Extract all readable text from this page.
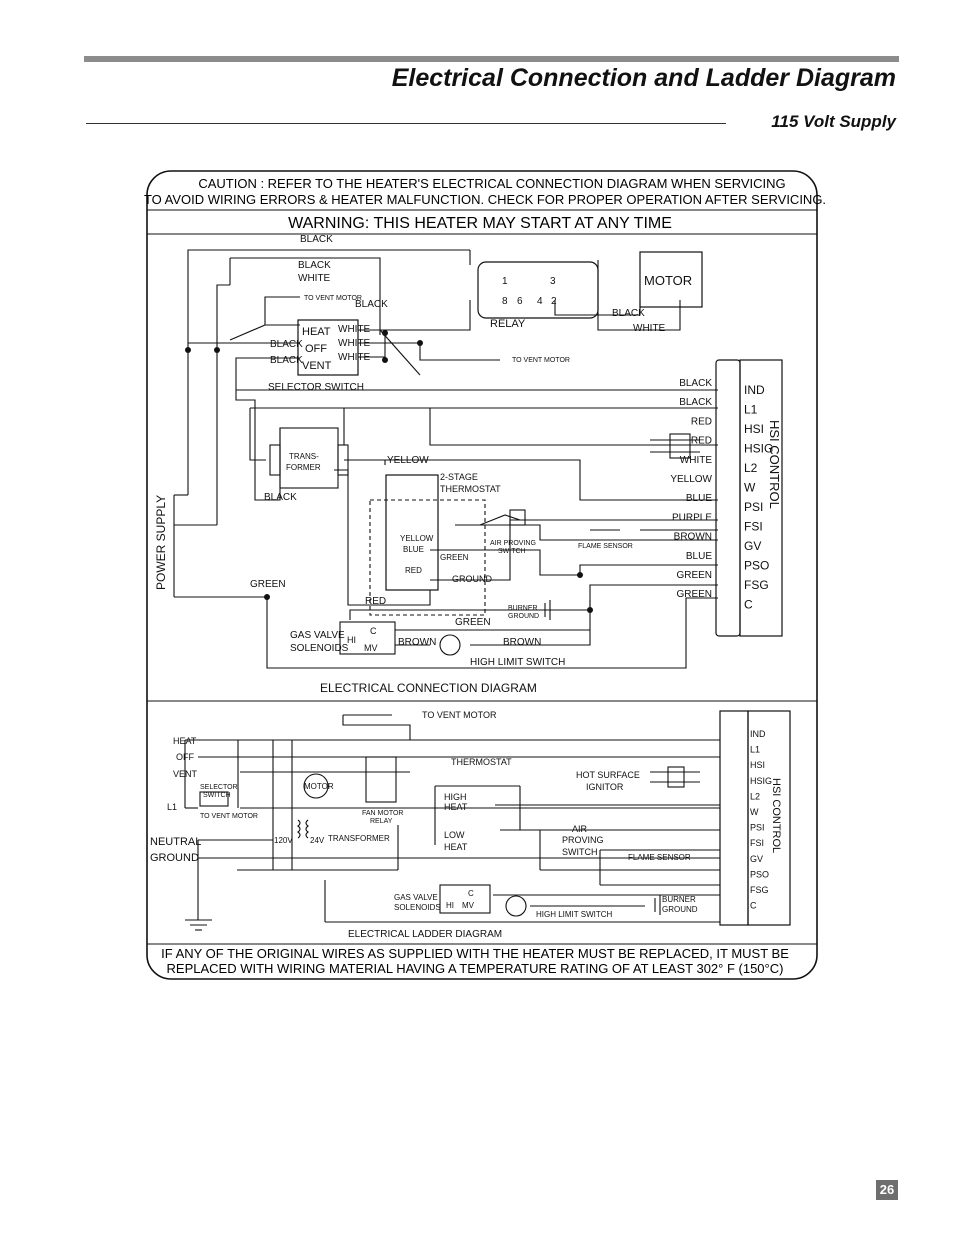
Electrical Connection and Ladder Diagram
115 Volt Supply
CAUTION : REFER TO THE HEATER'S ELECTRICAL CONNECTION DIAGRAM WHEN SERVICING
TO AVOID WIRING ERRORS & HEATER MALFUNCTION. CHECK FOR PROPER OPERATION AFTER SERVICING.
WARNING: THIS HEATER MAY START AT ANY TIME
POWER SUPPLY
BLACK
BLACK
WHITE
BLACK
BLACK
BLACK
WHITE
WHITE
WHITE
HEAT
OFF
VENT
SELECTOR SWITCH
TO VENT MOTOR
TO VENT MOTOR
RELAY
1	3
8 6 4 2
MOTOR
BLACK
WHITE
TRANS-
FORMER
BLACK
YELLOW
2-STAGE
THERMOSTAT
YELLOW
BLUE
RED
GREEN
GROUND
AIR PROVING
SWITCH
FLAME SENSOR
BURNER
GROUND
RED
GREEN
BROWN	BROWN
GAS VALVE
SOLENOIDS
HI
C
MV
HIGH LIMIT SWITCH
GREEN
ELECTRICAL CONNECTION DIAGRAM
HSI CONTROL
IND
L1
HSI
HSIG
L2
W
PSI
FSI
GV
PSO
FSG
C
BLACK
BLACK
RED
RED
WHITE
YELLOW
BLUE
PURPLE
BROWN
BLUE
GREEN
GREEN
TO VENT MOTOR
HEAT
OFF
VENT
SELECTOR
SWITCH
L1
TO VENT MOTOR
MOTOR
FAN MOTOR
RELAY
NEUTRAL
GROUND
120V 24V TRANSFORMER
THERMOSTAT
HIGH
HEAT
LOW
HEAT
HOT SURFACE
IGNITOR
AIR
PROVING
SWITCH
FLAME SENSOR
GAS VALVE
SOLENOIDS HI
C
MV
HIGH LIMIT SWITCH
BURNER
GROUND
ELECTRICAL LADDER DIAGRAM
HSI CONTROL
IND
L1
HSI
HSIG
L2
W
PSI
FSI
GV
PSO
FSG
C
IF ANY OF THE ORIGINAL WIRES AS SUPPLIED WITH THE HEATER MUST BE REPLACED, IT MUST BE
REPLACED WITH WIRING MATERIAL HAVING A TEMPERATURE RATING OF AT LEAST 302° F (150°C)
26
